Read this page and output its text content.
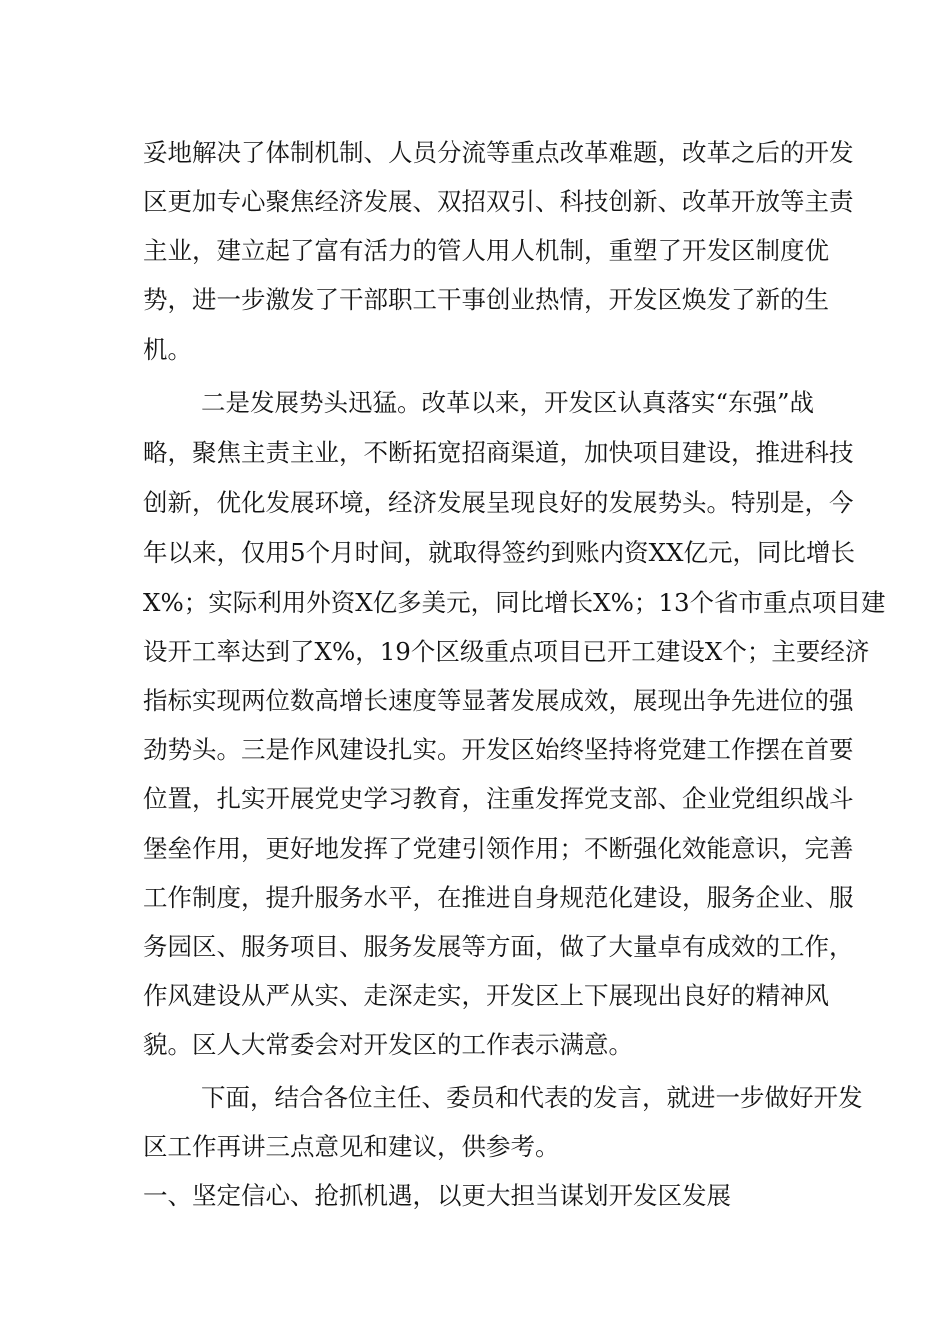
妥地解决了体制机制、人员分流等重点改革难题，改革之后的开发
区更加专心聚焦经济发展、双招双引、科技创新、改革开放等主责
主业，建立起了富有活力的管人用人机制，重塑了开发区制度优
势，进一步激发了干部职工干事创业热情，开发区焕发了新的生
机。
二是发展势头迅猛。改革以来，开发区认真落实“东强”战
略，聚焦主责主业，不断拓宽招商渠道，加快项目建设，推进科技
创新，优化发展环境，经济发展呈现良好的发展势头。特别是，今
年以来，仅用5个月时间，就取得签约到账内资XX亿元，同比增长
X%；实际利用外资X亿多美元，同比增长X%；13个省市重点项目建
设开工率达到了X%，19个区级重点项目已开工建设X个；主要经济
指标实现两位数高增长速度等显著发展成效，展现出争先进位的强
劲势头。三是作风建设扎实。开发区始终坚持将党建工作摆在首要
位置，扎实开展党史学习教育，注重发挥党支部、企业党组织战斗
堡垒作用，更好地发挥了党建引领作用；不断强化效能意识，完善
工作制度，提升服务水平，在推进自身规范化建设，服务企业、服
务园区、服务项目、服务发展等方面，做了大量卓有成效的工作，
作风建设从严从实、走深走实，开发区上下展现出良好的精神风
貌。区人大常委会对开发区的工作表示满意。
下面，结合各位主任、委员和代表的发言，就进一步做好开发
区工作再讲三点意见和建议，供参考。
一、坚定信心、抢抓机遇，以更大担当谋划开发区发展
